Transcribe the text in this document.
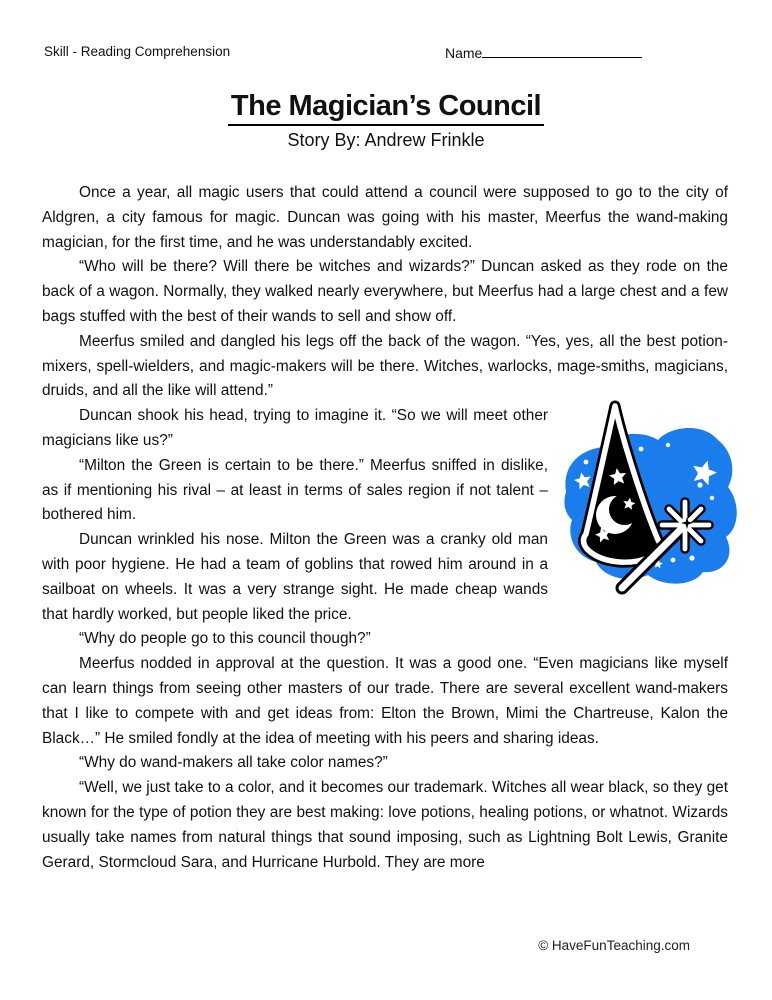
Skill - Reading Comprehension	Name
The Magician’s Council
Story By: Andrew Frinkle

Once a year, all magic users that could attend a council were supposed to go to the city of Aldgren, a city famous for magic. Duncan was going with his master, Meerfus the wand-making magician, for the first time, and he was understandably excited.

“Who will be there? Will there be witches and wizards?” Duncan asked as they rode on the back of a wagon. Normally, they walked nearly everywhere, but Meerfus had a large chest and a few bags stuffed with the best of their wands to sell and show off.

Meerfus smiled and dangled his legs off the back of the wagon. “Yes, yes, all the best potion-mixers, spell-wielders, and magic-makers will be there. Witches, warlocks, mage-smiths, magicians, druids, and all the like will attend.”

Duncan shook his head, trying to imagine it. “So we will meet other magicians like us?”

“Milton the Green is certain to be there.” Meerfus sniffed in dislike, as if mentioning his rival – at least in terms of sales region if not talent – bothered him.

Duncan wrinkled his nose. Milton the Green was a cranky old man with poor hygiene. He had a team of goblins that rowed him around in a sailboat on wheels. It was a very strange sight. He made cheap wands that hardly worked, but people liked the price.

“Why do people go to this council though?”

Meerfus nodded in approval at the question. It was a good one. “Even magicians like myself can learn things from seeing other masters of our trade. There are several excellent wand-makers that I like to compete with and get ideas from: Elton the Brown, Mimi the Chartreuse, Kalon the Black…” He smiled fondly at the idea of meeting with his peers and sharing ideas.

“Why do wand-makers all take color names?”

“Well, we just take to a color, and it becomes our trademark. Witches all wear black, so they get known for the type of potion they are best making: love potions, healing potions, or whatnot. Wizards usually take names from natural things that sound imposing, such as Lightning Bolt Lewis, Granite Gerard, Stormcloud Sara, and Hurricane Hurbold. They are more

© HaveFunTeaching.com
